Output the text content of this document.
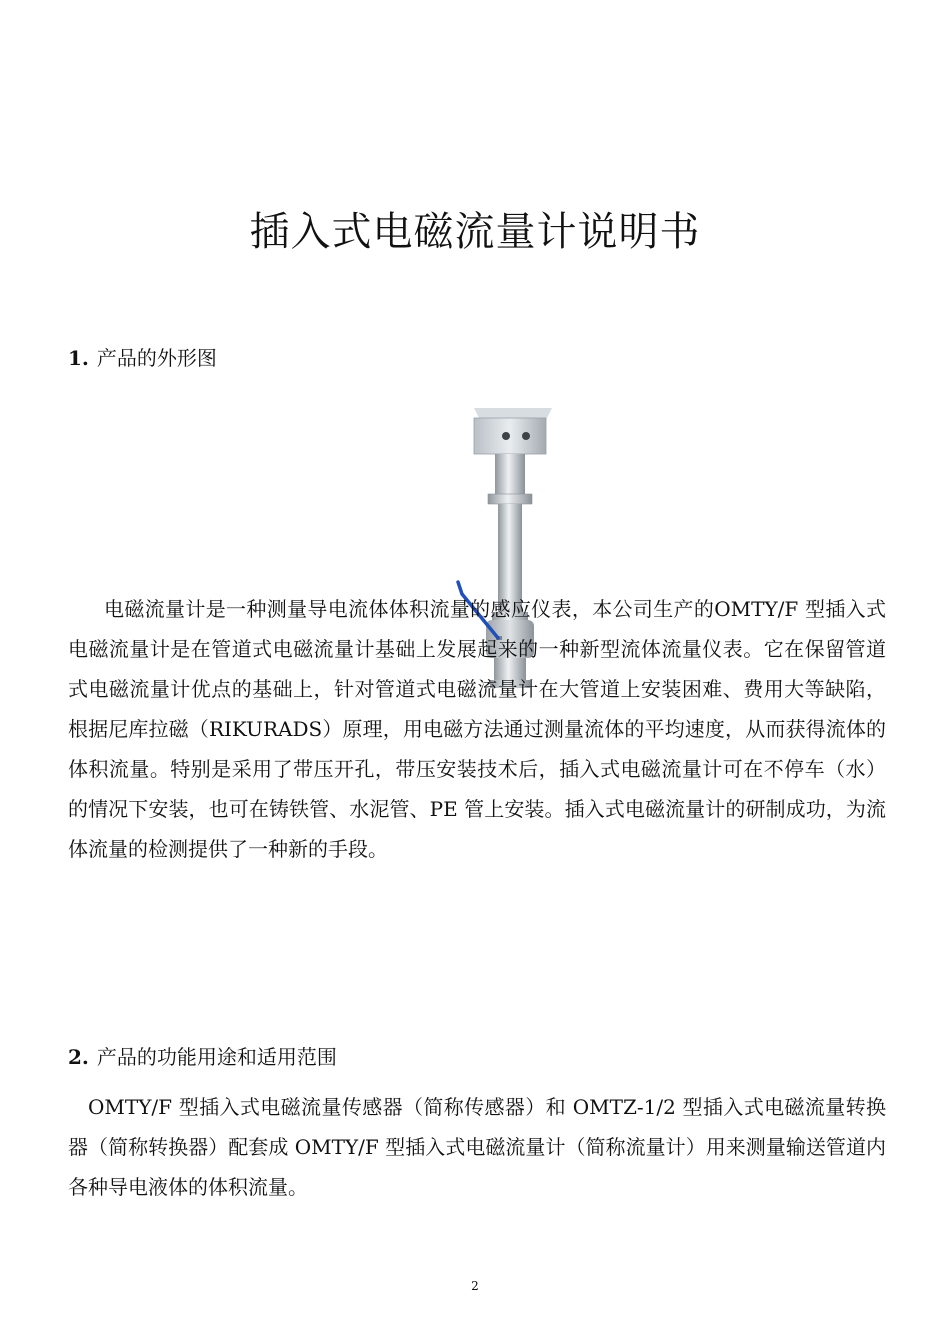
插入式电磁流量计说明书
1. 产品的外形图

电磁流量计是一种测量导电流体体积流量的感应仪表，本公司生产的OMTY/F 型插入式电磁流量计是在管道式电磁流量计基础上发展起来的一种新型流体流量仪表。它在保留管道式电磁流量计优点的基础上，针对管道式电磁流量计在大管道上安装困难、费用大等缺陷，根据尼库拉磁（RIKURADS）原理，用电磁方法通过测量流体的平均速度，从而获得流体的体积流量。特别是采用了带压开孔，带压安装技术后，插入式电磁流量计可在不停车（水）的情况下安装，也可在铸铁管、水泥管、PE 管上安装。插入式电磁流量计的研制成功，为流体流量的检测提供了一种新的手段。

2. 产品的功能用途和适用范围

OMTY/F 型插入式电磁流量传感器（简称传感器）和 OMTZ-1/2 型插入式电磁流量转换器（简称转换器）配套成 OMTY/F 型插入式电磁流量计（简称流量计）用来测量输送管道内各种导电液体的体积流量。

2
